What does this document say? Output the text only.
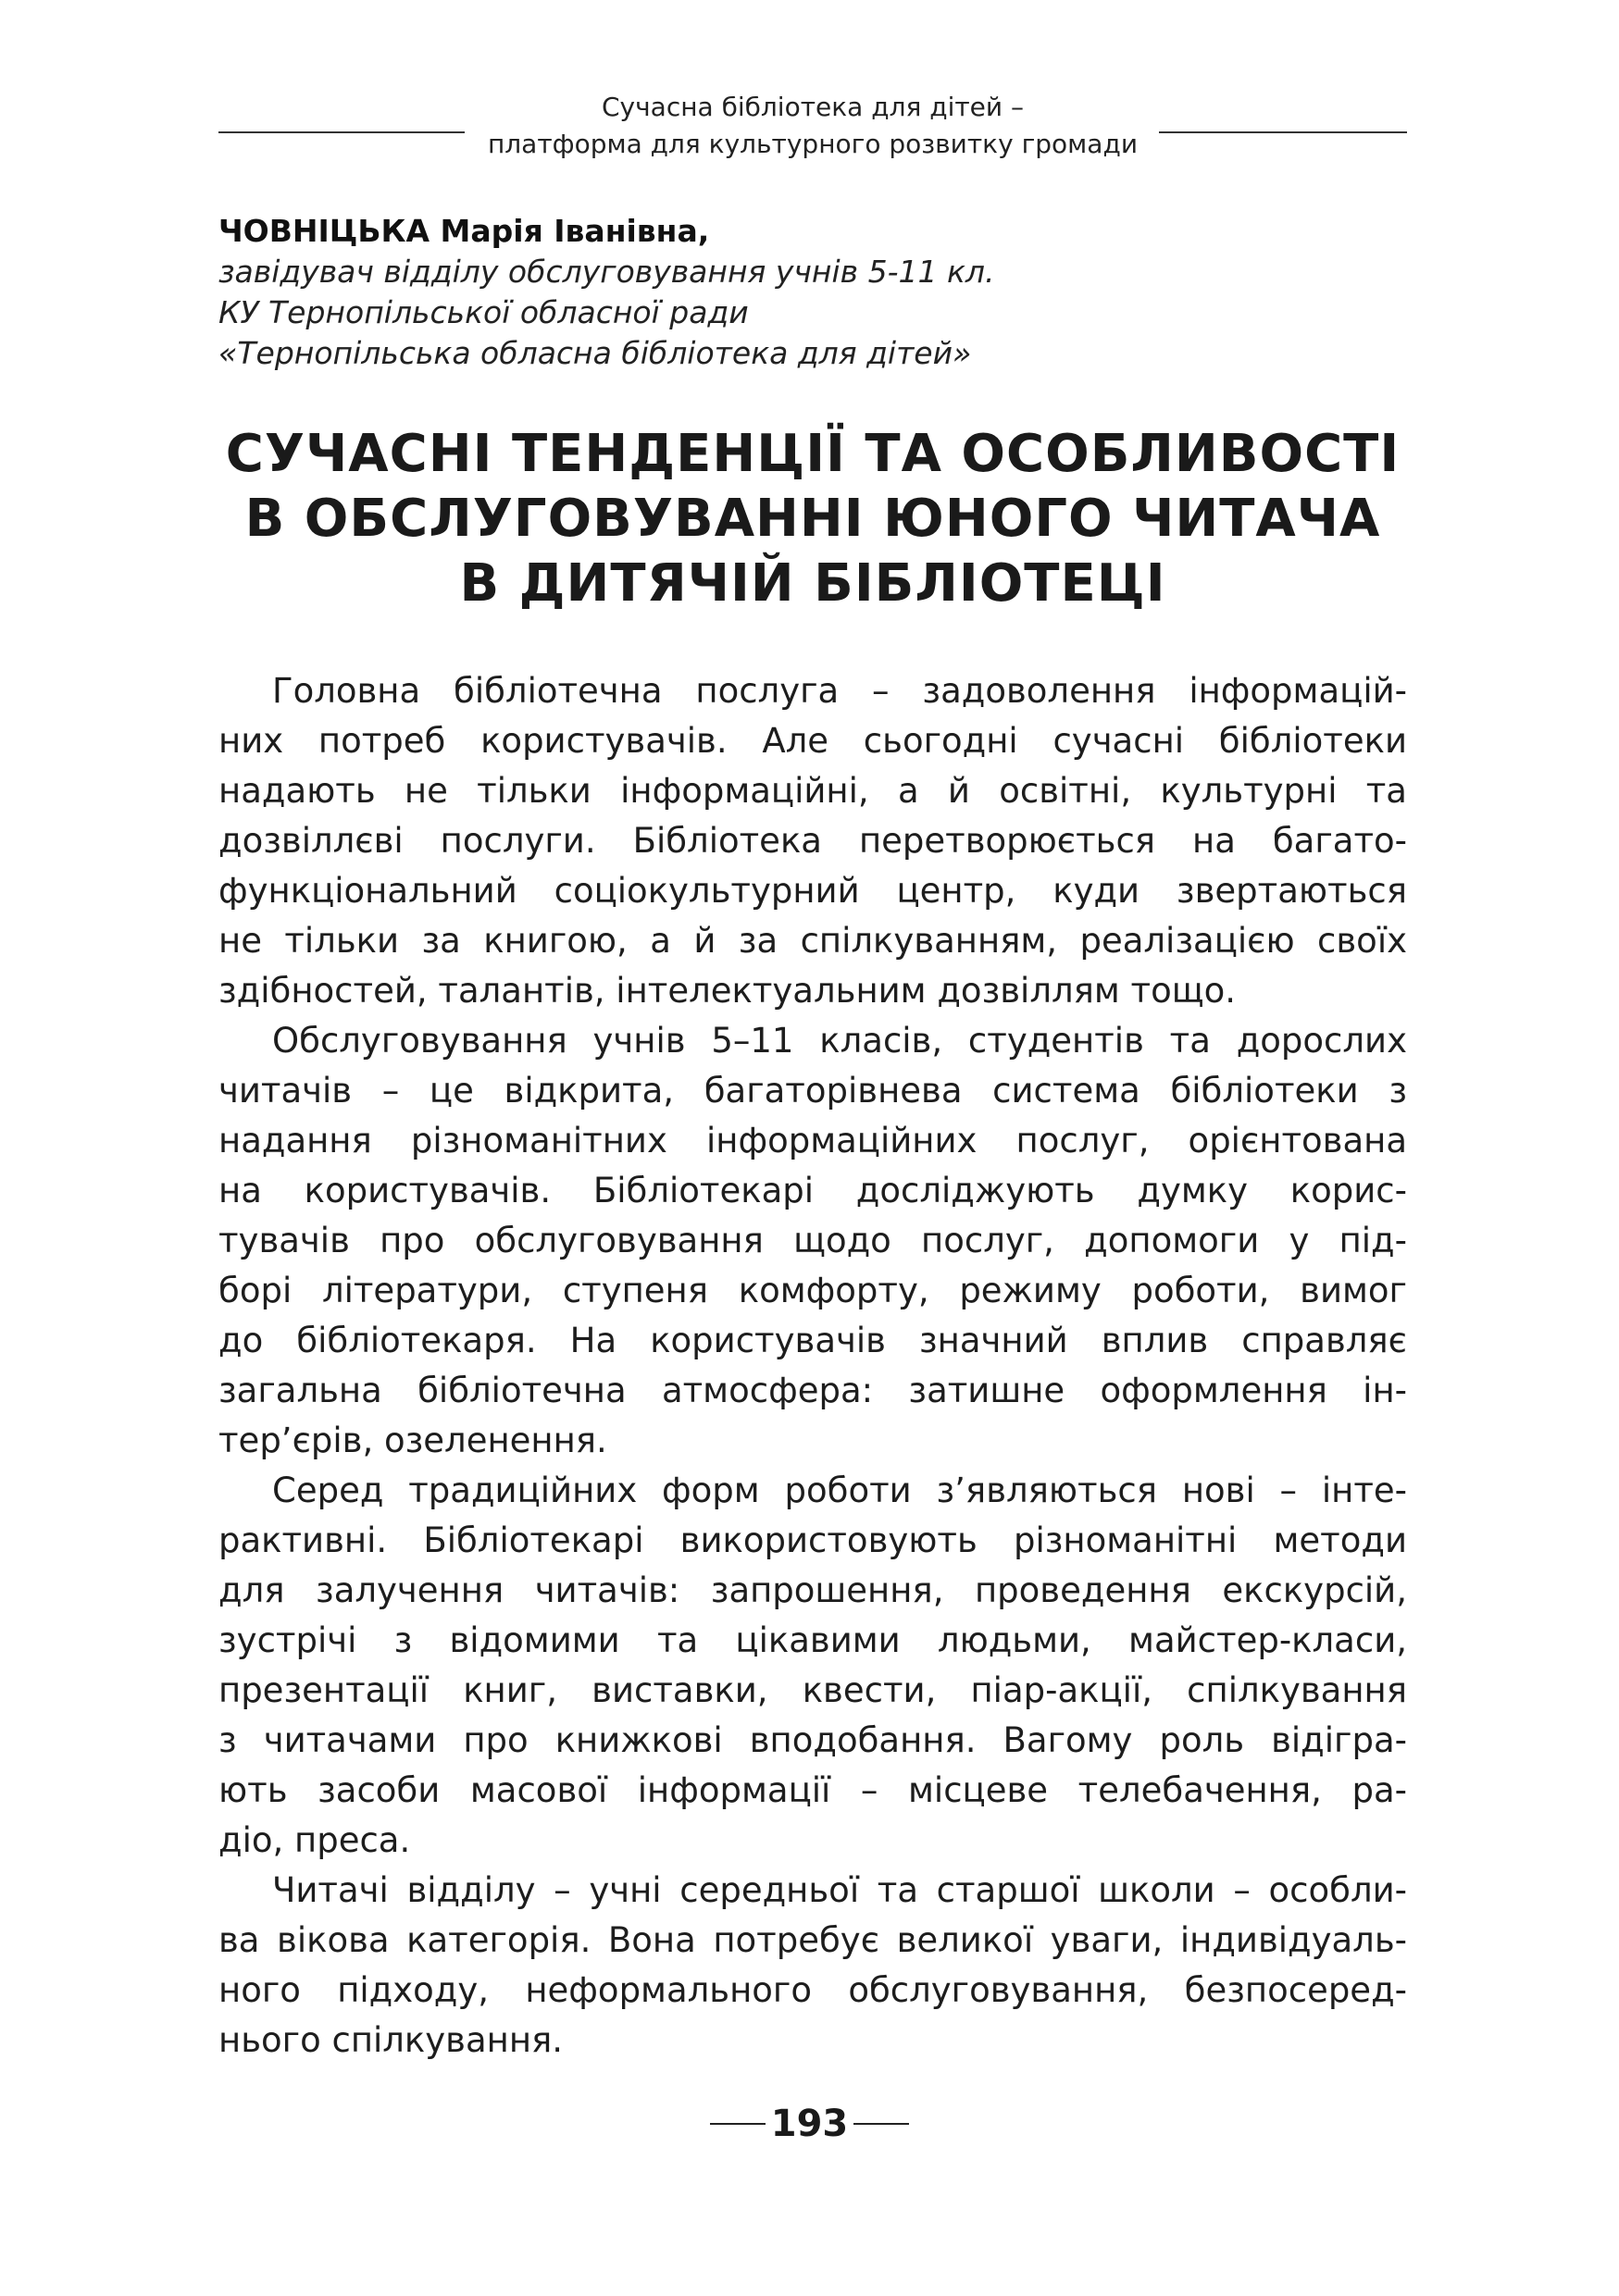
Сучасна бібліотека для дітей –
платформа для культурного розвитку громади
ЧОВНІЦЬКА Марія Іванівна,
завідувач відділу обслуговування учнів 5-11 кл.
КУ Тернопільської обласної ради
«Тернопільська обласна бібліотека для дітей»
СУЧАСНІ ТЕНДЕНЦІЇ ТА ОСОБЛИВОСТІ
В ОБСЛУГОВУВАННІ ЮНОГО ЧИТАЧА
В ДИТЯЧІЙ БІБЛІОТЕЦІ

Головна бібліотечна послуга – задоволення інформацій-
них потреб користувачів. Але сьогодні сучасні бібліотеки
надають не тільки інформаційні, а й освітні, культурні та
дозвіллєві послуги. Бібліотека перетворюється на багато-
функціональний соціокультурний центр, куди звертаються
не тільки за книгою, а й за спілкуванням, реалізацією своїх
здібностей, талантів, інтелектуальним дозвіллям тощо.

Обслуговування учнів 5–11 класів, студентів та дорослих
читачів – це відкрита, багаторівнева система бібліотеки з
надання різноманітних інформаційних послуг, орієнтована
на користувачів. Бібліотекарі досліджують думку корис-
тувачів про обслуговування щодо послуг, допомоги у під-
борі літератури, ступеня комфорту, режиму роботи, вимог
до бібліотекаря. На користувачів значний вплив справляє
загальна бібліотечна атмосфера: затишне оформлення ін-
тер’єрів, озеленення.

Серед традиційних форм роботи з’являються нові – інте-
рактивні. Бібліотекарі використовують різноманітні методи
для залучення читачів: запрошення, проведення екскурсій,
зустрічі з відомими та цікавими людьми, майстер-класи,
презентації книг, виставки, квести, піар-акції, спілкування
з читачами про книжкові вподобання. Вагому роль відігра-
ють засоби масової інформації – місцеве телебачення, ра-
діо, преса.

Читачі відділу – учні середньої та старшої школи – особли-
ва вікова категорія. Вона потребує великої уваги, індивідуаль-
ного підходу, неформального обслуговування, безпосеред-
нього спілкування.

193
